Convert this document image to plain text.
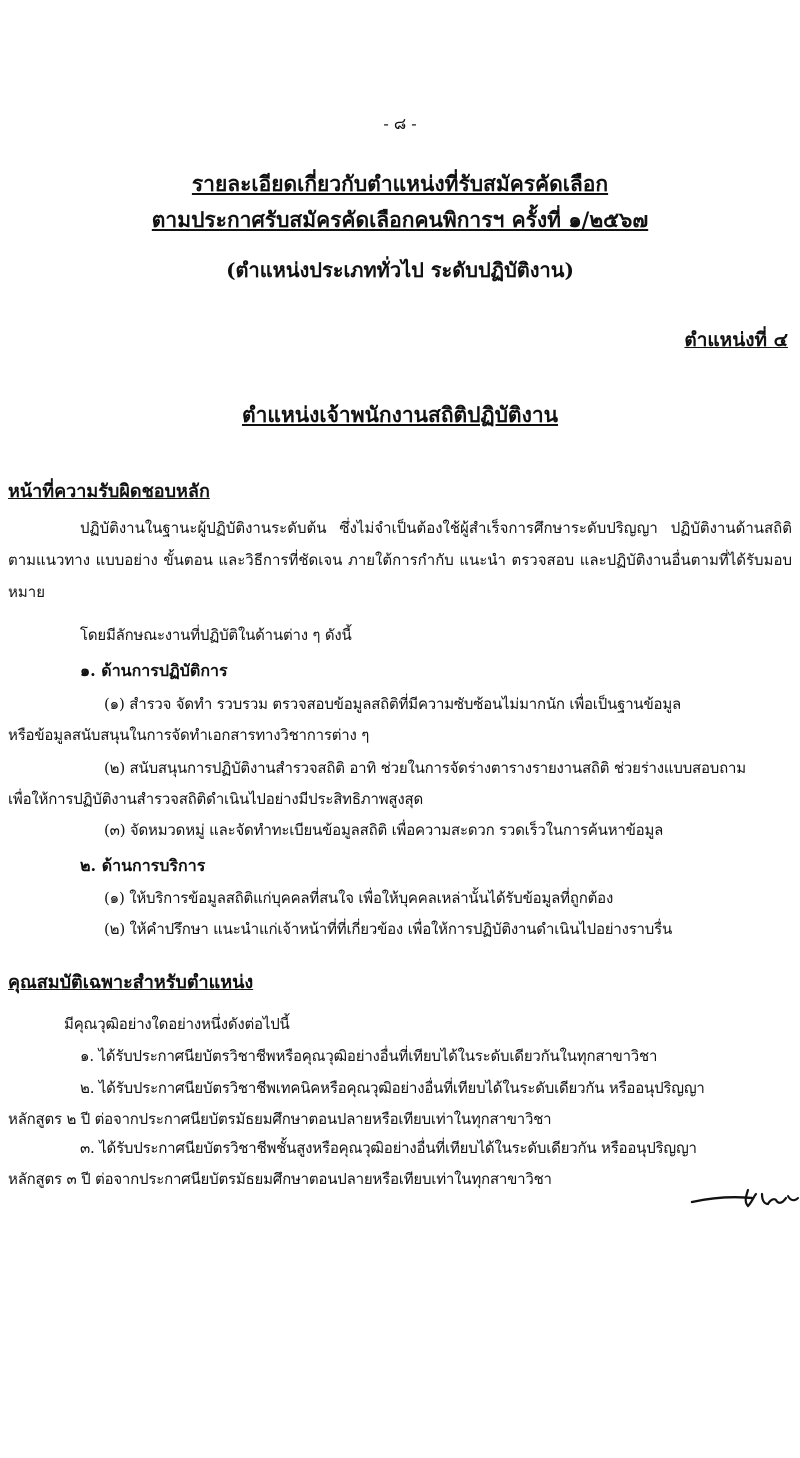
- ๘ -
รายละเอียดเกี่ยวกับตำแหน่งที่รับสมัครคัดเลือก
ตามประกาศรับสมัครคัดเลือกคนพิการฯ ครั้งที่ ๑/๒๕๖๗
(ตำแหน่งประเภททั่วไป ระดับปฏิบัติงาน)
ตำแหน่งที่ ๔
ตำแหน่งเจ้าพนักงานสถิติปฏิบัติงาน
หน้าที่ความรับผิดชอบหลัก
ปฏิบัติงานในฐานะผู้ปฏิบัติงานระดับต้น ซึ่งไม่จำเป็นต้องใช้ผู้สำเร็จการศึกษาระดับปริญญา ปฏิบัติงานด้านสถิติ ตามแนวทาง แบบอย่าง ขั้นตอน และวิธีการที่ชัดเจน ภายใต้การกำกับ แนะนำ ตรวจสอบ และปฏิบัติงานอื่นตามที่ได้รับมอบหมาย
โดยมีลักษณะงานที่ปฏิบัติในด้านต่าง ๆ ดังนี้
๑. ด้านการปฏิบัติการ
(๑) สำรวจ จัดทำ รวบรวม ตรวจสอบข้อมูลสถิติที่มีความซับซ้อนไม่มากนัก เพื่อเป็นฐานข้อมูล
หรือข้อมูลสนับสนุนในการจัดทำเอกสารทางวิชาการต่าง ๆ
(๒) สนับสนุนการปฏิบัติงานสำรวจสถิติ อาทิ ช่วยในการจัดร่างตารางรายงานสถิติ ช่วยร่างแบบสอบถาม
เพื่อให้การปฏิบัติงานสำรวจสถิติดำเนินไปอย่างมีประสิทธิภาพสูงสุด
(๓) จัดหมวดหมู่ และจัดทำทะเบียนข้อมูลสถิติ เพื่อความสะดวก รวดเร็วในการค้นหาข้อมูล
๒. ด้านการบริการ
(๑) ให้บริการข้อมูลสถิติแก่บุคคลที่สนใจ เพื่อให้บุคคลเหล่านั้นได้รับข้อมูลที่ถูกต้อง
(๒) ให้คำปรึกษา แนะนำแก่เจ้าหน้าที่ที่เกี่ยวข้อง เพื่อให้การปฏิบัติงานดำเนินไปอย่างราบรื่น
คุณสมบัติเฉพาะสำหรับตำแหน่ง
มีคุณวุฒิอย่างใดอย่างหนึ่งดังต่อไปนี้
๑. ได้รับประกาศนียบัตรวิชาชีพหรือคุณวุฒิอย่างอื่นที่เทียบได้ในระดับเดียวกันในทุกสาขาวิชา
๒. ได้รับประกาศนียบัตรวิชาชีพเทคนิคหรือคุณวุฒิอย่างอื่นที่เทียบได้ในระดับเดียวกัน หรืออนุปริญญา
หลักสูตร ๒ ปี ต่อจากประกาศนียบัตรมัธยมศึกษาตอนปลายหรือเทียบเท่าในทุกสาขาวิชา
๓. ได้รับประกาศนียบัตรวิชาชีพชั้นสูงหรือคุณวุฒิอย่างอื่นที่เทียบได้ในระดับเดียวกัน หรืออนุปริญญา
หลักสูตร ๓ ปี ต่อจากประกาศนียบัตรมัธยมศึกษาตอนปลายหรือเทียบเท่าในทุกสาขาวิชา
